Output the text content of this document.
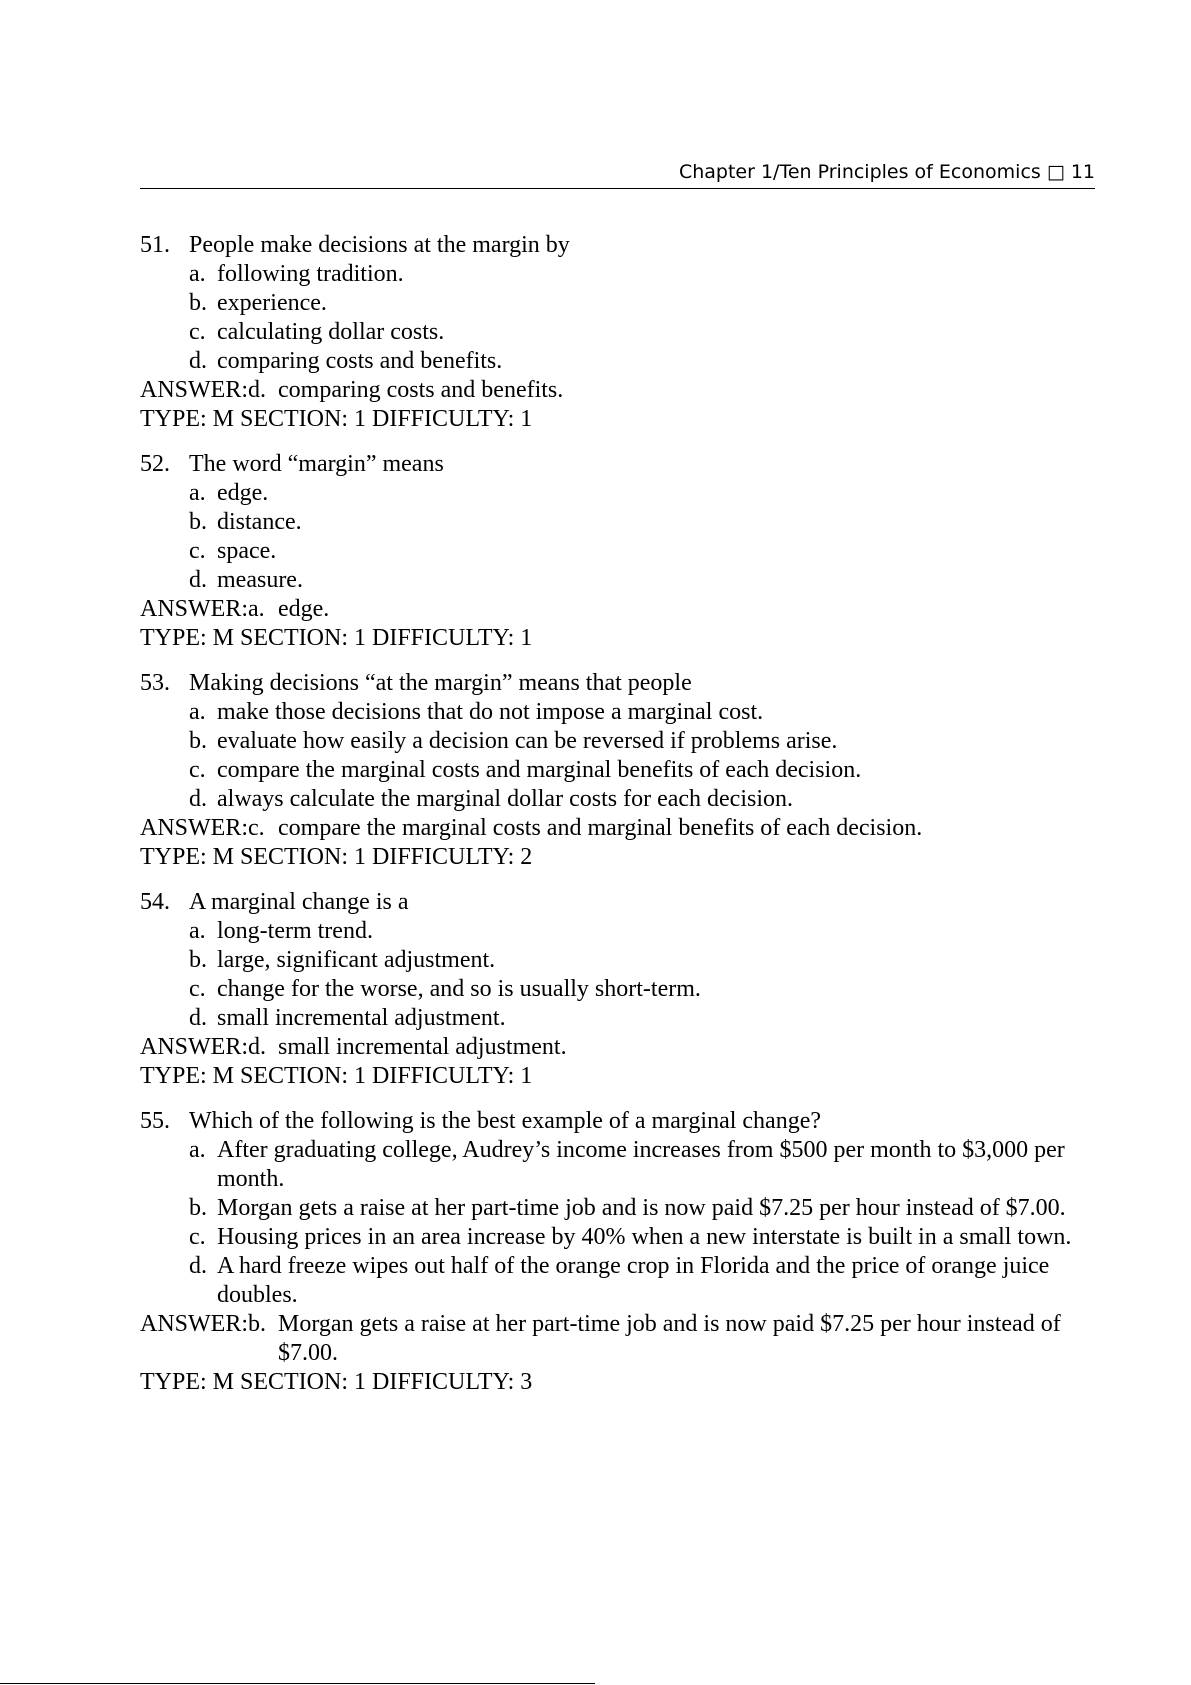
Chapter 1/Ten Principles of Economics □ 11
51. People make decisions at the margin by
a. following tradition.
b. experience.
c. calculating dollar costs.
d. comparing costs and benefits.
ANSWER: d. comparing costs and benefits.
TYPE: M SECTION: 1 DIFFICULTY: 1
52. The word “margin” means
a. edge.
b. distance.
c. space.
d. measure.
ANSWER: a. edge.
TYPE: M SECTION: 1 DIFFICULTY: 1
53. Making decisions “at the margin” means that people
a. make those decisions that do not impose a marginal cost.
b. evaluate how easily a decision can be reversed if problems arise.
c. compare the marginal costs and marginal benefits of each decision.
d. always calculate the marginal dollar costs for each decision.
ANSWER: c. compare the marginal costs and marginal benefits of each decision.
TYPE: M SECTION: 1 DIFFICULTY: 2
54. A marginal change is a
a. long-term trend.
b. large, significant adjustment.
c. change for the worse, and so is usually short-term.
d. small incremental adjustment.
ANSWER: d. small incremental adjustment.
TYPE: M SECTION: 1 DIFFICULTY: 1
55. Which of the following is the best example of a marginal change?
a. After graduating college, Audrey’s income increases from $500 per month to $3,000 per month.
b. Morgan gets a raise at her part-time job and is now paid $7.25 per hour instead of $7.00.
c. Housing prices in an area increase by 40% when a new interstate is built in a small town.
d. A hard freeze wipes out half of the orange crop in Florida and the price of orange juice doubles.
ANSWER: b. Morgan gets a raise at her part-time job and is now paid $7.25 per hour instead of $7.00.
TYPE: M SECTION: 1 DIFFICULTY: 3
